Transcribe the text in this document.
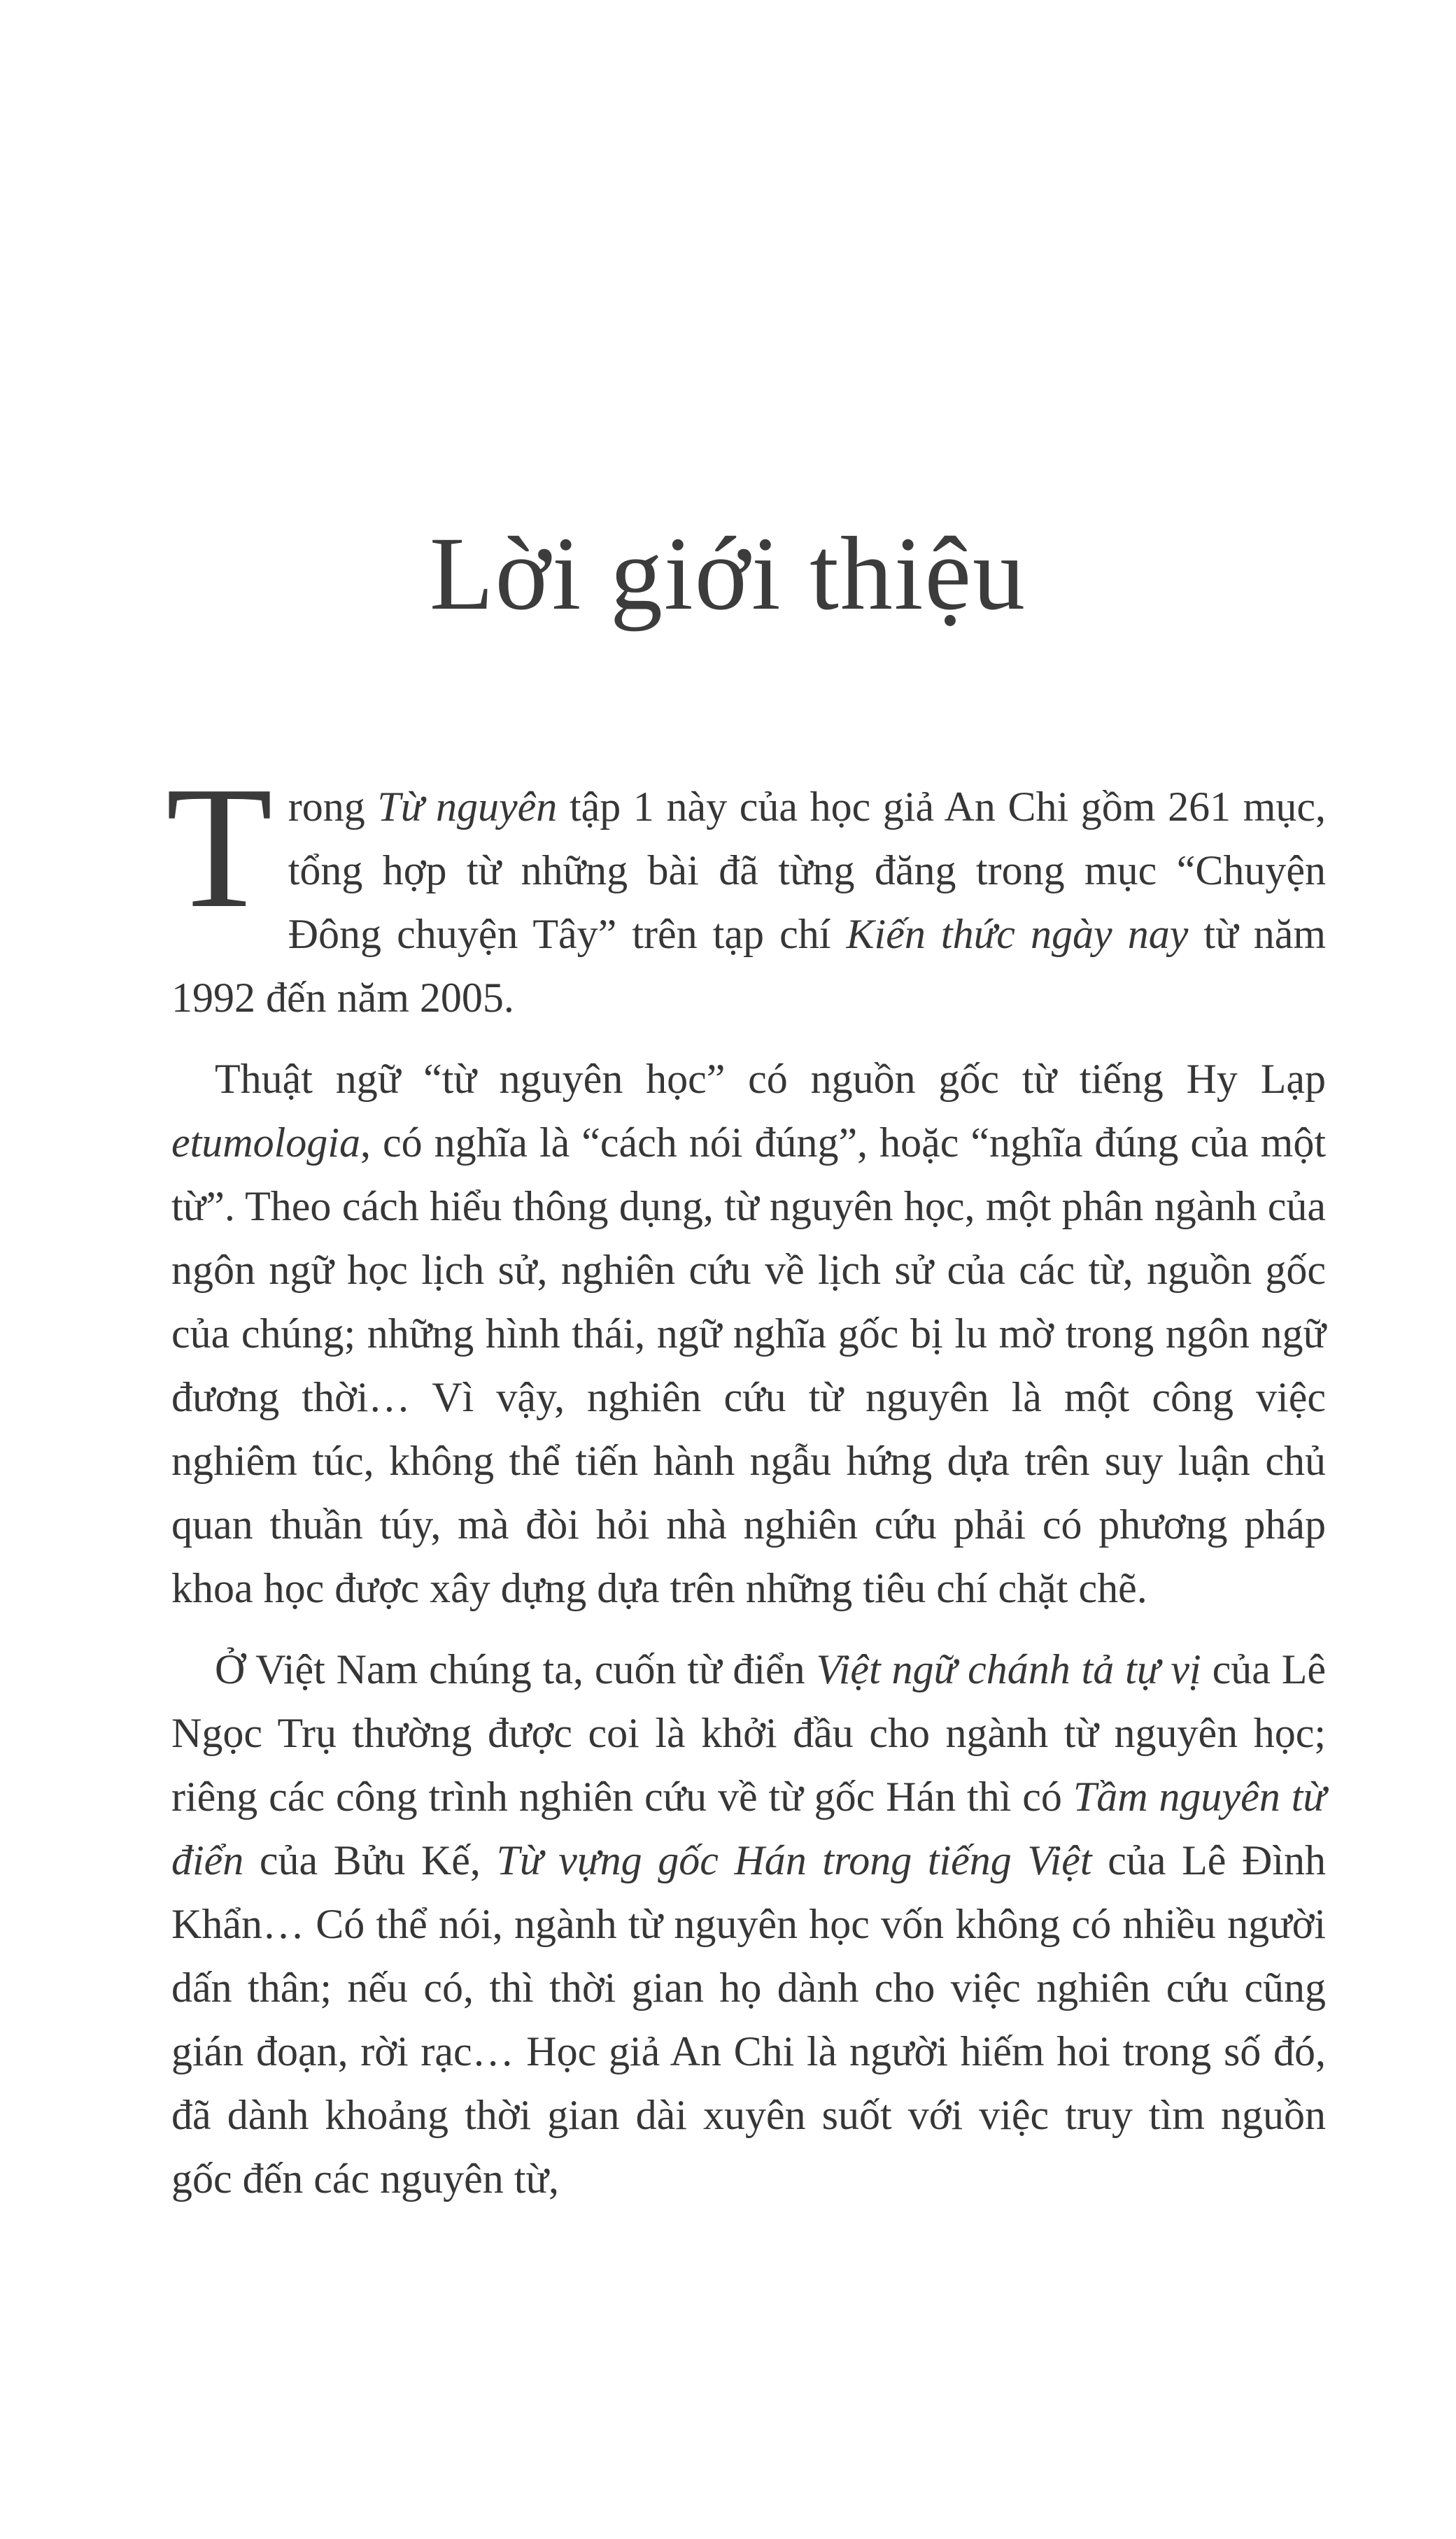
Lời giới thiệu

Trong Từ nguyên tập 1 này của học giả An Chi gồm 261 mục, tổng hợp từ những bài đã từng đăng trong mục “Chuyện Đông chuyện Tây” trên tạp chí Kiến thức ngày nay từ năm 1992 đến năm 2005.

Thuật ngữ “từ nguyên học” có nguồn gốc từ tiếng Hy Lạp etumologia, có nghĩa là “cách nói đúng”, hoặc “nghĩa đúng của một từ”. Theo cách hiểu thông dụng, từ nguyên học, một phân ngành của ngôn ngữ học lịch sử, nghiên cứu về lịch sử của các từ, nguồn gốc của chúng; những hình thái, ngữ nghĩa gốc bị lu mờ trong ngôn ngữ đương thời… Vì vậy, nghiên cứu từ nguyên là một công việc nghiêm túc, không thể tiến hành ngẫu hứng dựa trên suy luận chủ quan thuần túy, mà đòi hỏi nhà nghiên cứu phải có phương pháp khoa học được xây dựng dựa trên những tiêu chí chặt chẽ.

Ở Việt Nam chúng ta, cuốn từ điển Việt ngữ chánh tả tự vị của Lê Ngọc Trụ thường được coi là khởi đầu cho ngành từ nguyên học; riêng các công trình nghiên cứu về từ gốc Hán thì có Tầm nguyên từ điển của Bửu Kế, Từ vựng gốc Hán trong tiếng Việt của Lê Đình Khẩn… Có thể nói, ngành từ nguyên học vốn không có nhiều người dấn thân; nếu có, thì thời gian họ dành cho việc nghiên cứu cũng gián đoạn, rời rạc… Học giả An Chi là người hiếm hoi trong số đó, đã dành khoảng thời gian dài xuyên suốt với việc truy tìm nguồn gốc đến các nguyên từ,
